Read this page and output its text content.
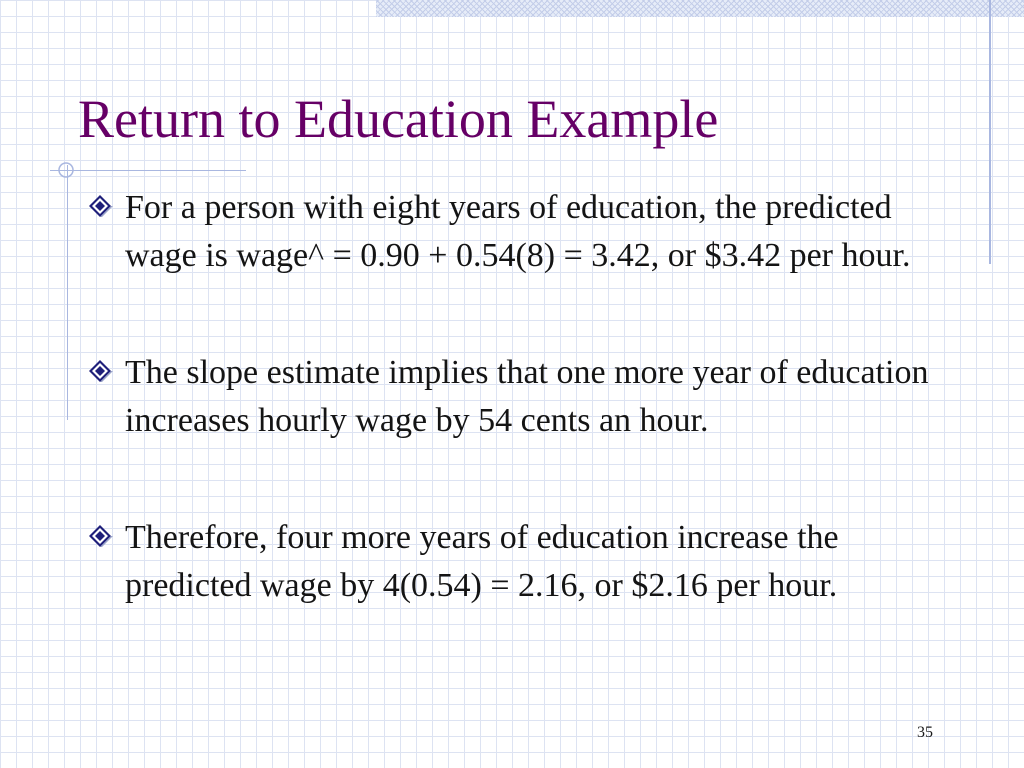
Return to Education Example
For a person with eight years of education, the predicted wage is wage^ = 0.90 + 0.54(8) = 3.42, or $3.42 per hour.
The slope estimate implies that one more year of education increases hourly wage by 54 cents an hour.
Therefore, four more years of education increase the predicted wage by 4(0.54) = 2.16, or $2.16 per hour.
35
